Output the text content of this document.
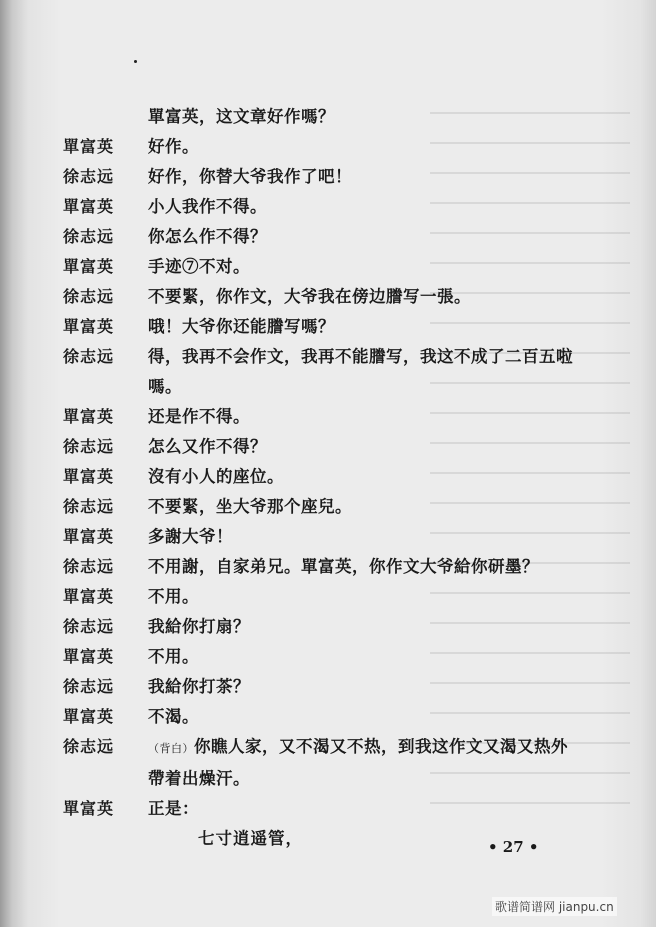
單富英，这文章好作嗎？
單富英	好作。
徐志远	好作，你替大爷我作了吧！
單富英	小人我作不得。
徐志远	你怎么作不得？
單富英	手迹⑦不对。
徐志远	不要緊，你作文，大爷我在傍边謄写一張。
單富英	哦！大爷你还能謄写嗎？
徐志远	得，我再不会作文，我再不能謄写，我这不成了二百五啦嗎。
單富英	还是作不得。
徐志远	怎么又作不得？
單富英	沒有小人的座位。
徐志远	不要緊，坐大爷那个座兒。
單富英	多謝大爷！
徐志远	不用謝，自家弟兄。單富英，你作文大爷給你研墨？
單富英	不用。
徐志远	我給你打扇？
單富英	不用。
徐志远	我給你打茶？
單富英	不渴。
徐志远	（背白）你瞧人家，又不渴又不热，到我这作文又渴又热外帶着出燥汗。
單富英	正是：
七寸逍遥管，	• 27 •
歌谱简谱网 jianpu.cn
